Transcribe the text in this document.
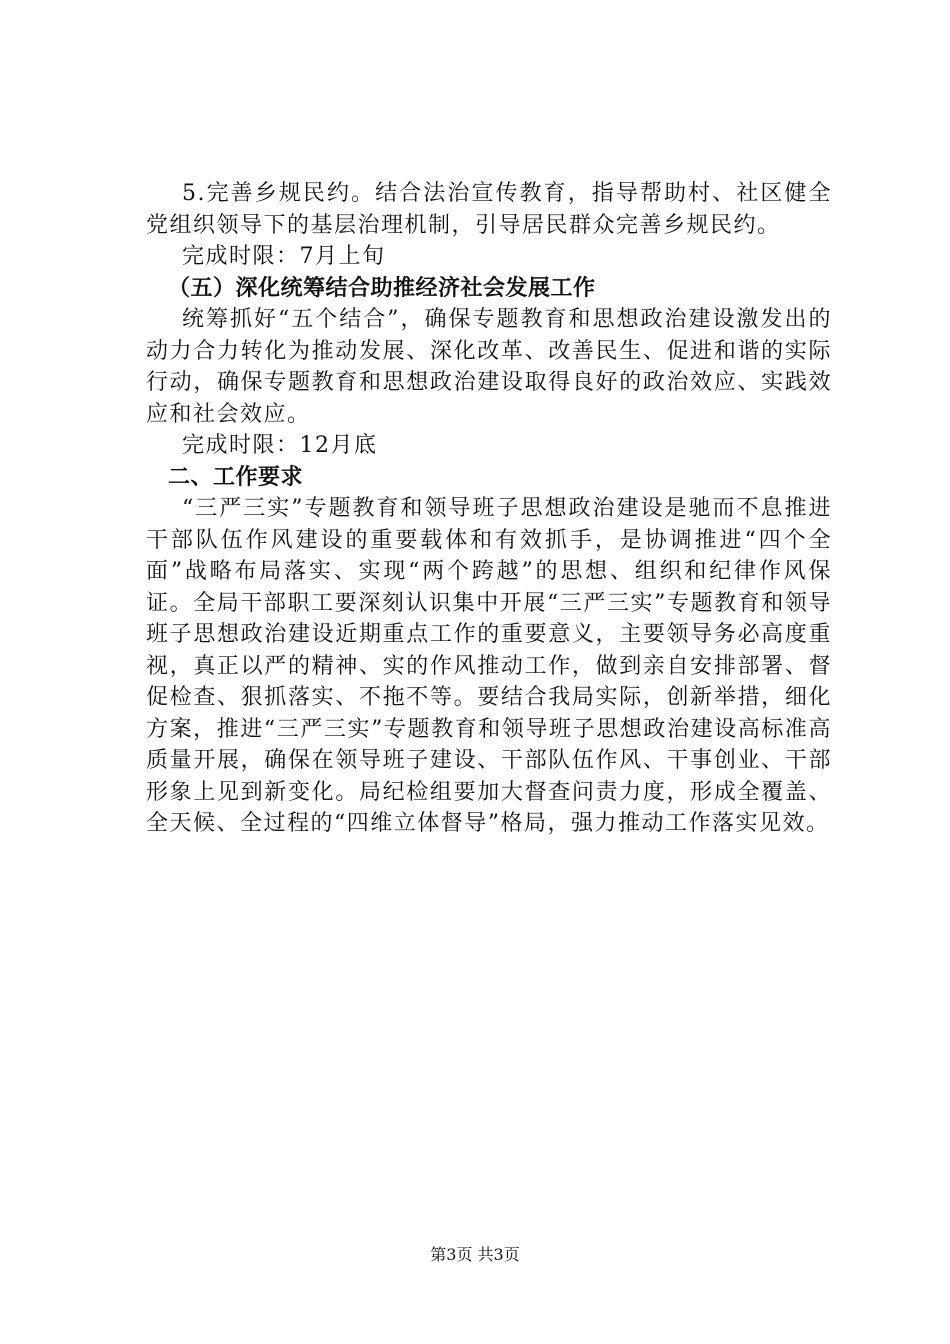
5.完善乡规民约。结合法治宣传教育，指导帮助村、社区健全党组织领导下的基层治理机制，引导居民群众完善乡规民约。

完成时限：7月上旬

（五）深化统筹结合助推经济社会发展工作

统筹抓好“五个结合”，确保专题教育和思想政治建设激发出的动力合力转化为推动发展、深化改革、改善民生、促进和谐的实际行动，确保专题教育和思想政治建设取得良好的政治效应、实践效应和社会效应。

完成时限：12月底

二、工作要求

“三严三实”专题教育和领导班子思想政治建设是驰而不息推进干部队伍作风建设的重要载体和有效抓手，是协调推进“四个全面”战略布局落实、实现“两个跨越”的思想、组织和纪律作风保证。全局干部职工要深刻认识集中开展“三严三实”专题教育和领导班子思想政治建设近期重点工作的重要意义，主要领导务必高度重视，真正以严的精神、实的作风推动工作，做到亲自安排部署、督促检查、狠抓落实、不拖不等。要结合我局实际，创新举措，细化方案，推进“三严三实”专题教育和领导班子思想政治建设高标准高质量开展，确保在领导班子建设、干部队伍作风、干事创业、干部形象上见到新变化。局纪检组要加大督查问责力度，形成全覆盖、全天候、全过程的“四维立体督导”格局，强力推动工作落实见效。

第3页 共3页
